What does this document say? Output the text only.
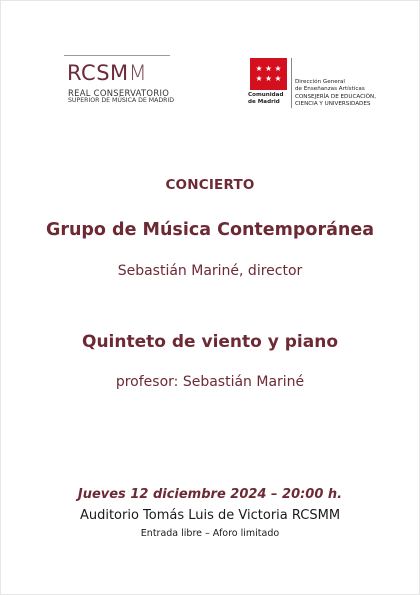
RCSMM
REAL CONSERVATORIO
SUPERIOR DE MÚSICA DE MADRID
Comunidad
de Madrid
Dirección General
de Enseñanzas Artísticas
CONSEJERÍA DE EDUCACIÓN,
CIENCIA Y UNIVERSIDADES
CONCIERTO
Grupo de Música Contemporánea
Sebastián Mariné, director
Quinteto de viento y piano
profesor: Sebastián Mariné
Jueves 12 diciembre 2024 – 20:00 h.
Auditorio Tomás Luis de Victoria RCSMM
Entrada libre – Aforo limitado
